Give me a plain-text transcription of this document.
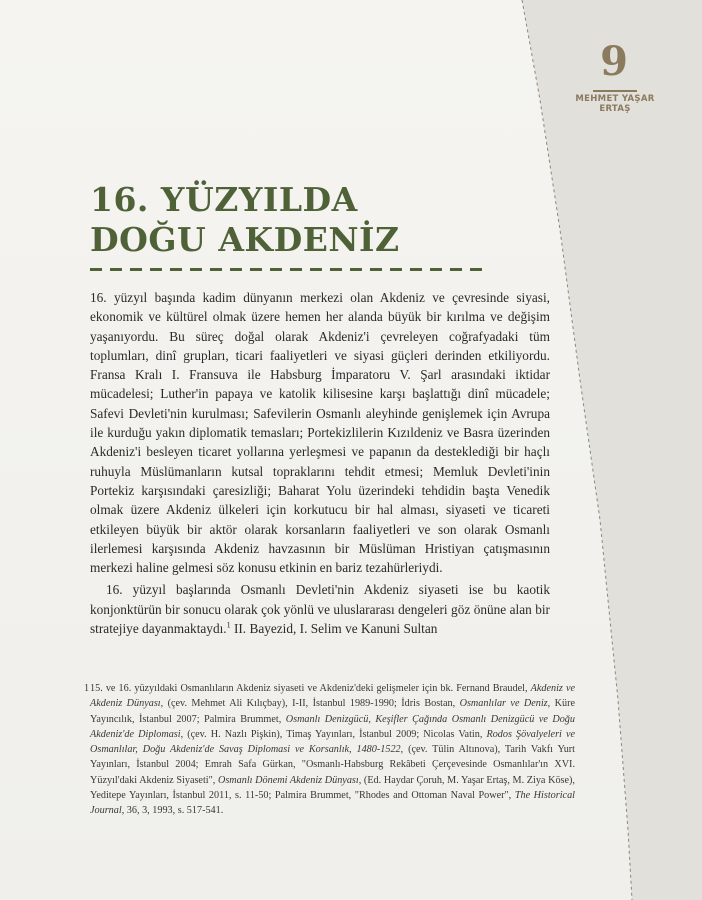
9
MEHMET YAŞAR ERTAŞ
16. YÜZYILDA
DOĞU AKDENİZ

16. yüzyıl başında kadim dünyanın merkezi olan Akdeniz ve çevresinde siyasi, ekonomik ve kültürel olmak üzere hemen her alanda büyük bir kırılma ve değişim yaşanıyordu. Bu süreç doğal olarak Akdeniz'i çevreleyen coğrafyadaki tüm toplumları, dinî grupları, ticari faaliyetleri ve siyasi güçleri derinden etkiliyordu. Fransa Kralı I. Fransuva ile Habsburg İmparatoru V. Şarl arasındaki iktidar mücadelesi; Luther'in papaya ve katolik kilisesine karşı başlattığı dinî mücadele; Safevi Devleti'nin kurulması; Safevilerin Osmanlı aleyhinde genişlemek için Avrupa ile kurduğu yakın diplomatik temasları; Portekizlilerin Kızıldeniz ve Basra üzerinden Akdeniz'i besleyen ticaret yollarına yerleşmesi ve papanın da desteklediği bir haçlı ruhuyla Müslümanların kutsal topraklarını tehdit etmesi; Memluk Devleti'inin Portekiz karşısındaki çaresizliği; Baharat Yolu üzerindeki tehdidin başta Venedik olmak üzere Akdeniz ülkeleri için korkutucu bir hal alması, siyaseti ve ticareti etkileyen büyük bir aktör olarak korsanların faaliyetleri ve son olarak Osmanlı ilerlemesi karşısında Akdeniz havzasının bir Müslüman Hristiyan çatışmasının merkezi haline gelmesi söz konusu etkinin en bariz tezahürleriydi.

16. yüzyıl başlarında Osmanlı Devleti'nin Akdeniz siyaseti ise bu kaotik konjonktürün bir sonucu olarak çok yönlü ve uluslararası dengeleri göz önüne alan bir stratejiye dayanmaktaydı.$^1$ II. Bayezid, I. Selim ve Kanuni Sultan

1 15. ve 16. yüzyıldaki Osmanlıların Akdeniz siyaseti ve Akdeniz'deki gelişmeler için bk. Fernand Braudel, Akdeniz ve Akdeniz Dünyası, (çev. Mehmet Ali Kılıçbay), I-II, İstanbul 1989-1990; İdris Bostan, Osmanlılar ve Deniz, Küre Yayıncılık, İstanbul 2007; Palmira Brummet, Osmanlı Denizgücü, Keşifler Çağında Osmanlı Denizgücü ve Doğu Akdeniz'de Diplomasi, (çev. H. Nazlı Pişkin), Timaş Yayınları, İstanbul 2009; Nicolas Vatin, Rodos Şövalyeleri ve Osmanlılar, Doğu Akdeniz'de Savaş Diplomasi ve Korsanlık, 1480-1522, (çev. Tülin Altınova), Tarih Vakfı Yurt Yayınları, İstanbul 2004; Emrah Safa Gürkan, "Osmanlı-Habsburg Rekâbeti Çerçevesinde Osmanlılar'ın XVI. Yüzyıl'daki Akdeniz Siyaseti", Osmanlı Dönemi Akdeniz Dünyası, (Ed. Haydar Çoruh, M. Yaşar Ertaş, M. Ziya Köse), Yeditepe Yayınları, İstanbul 2011, s. 11-50; Palmira Brummet, "Rhodes and Ottoman Naval Power", The Historical Journal, 36, 3, 1993, s. 517-541.
